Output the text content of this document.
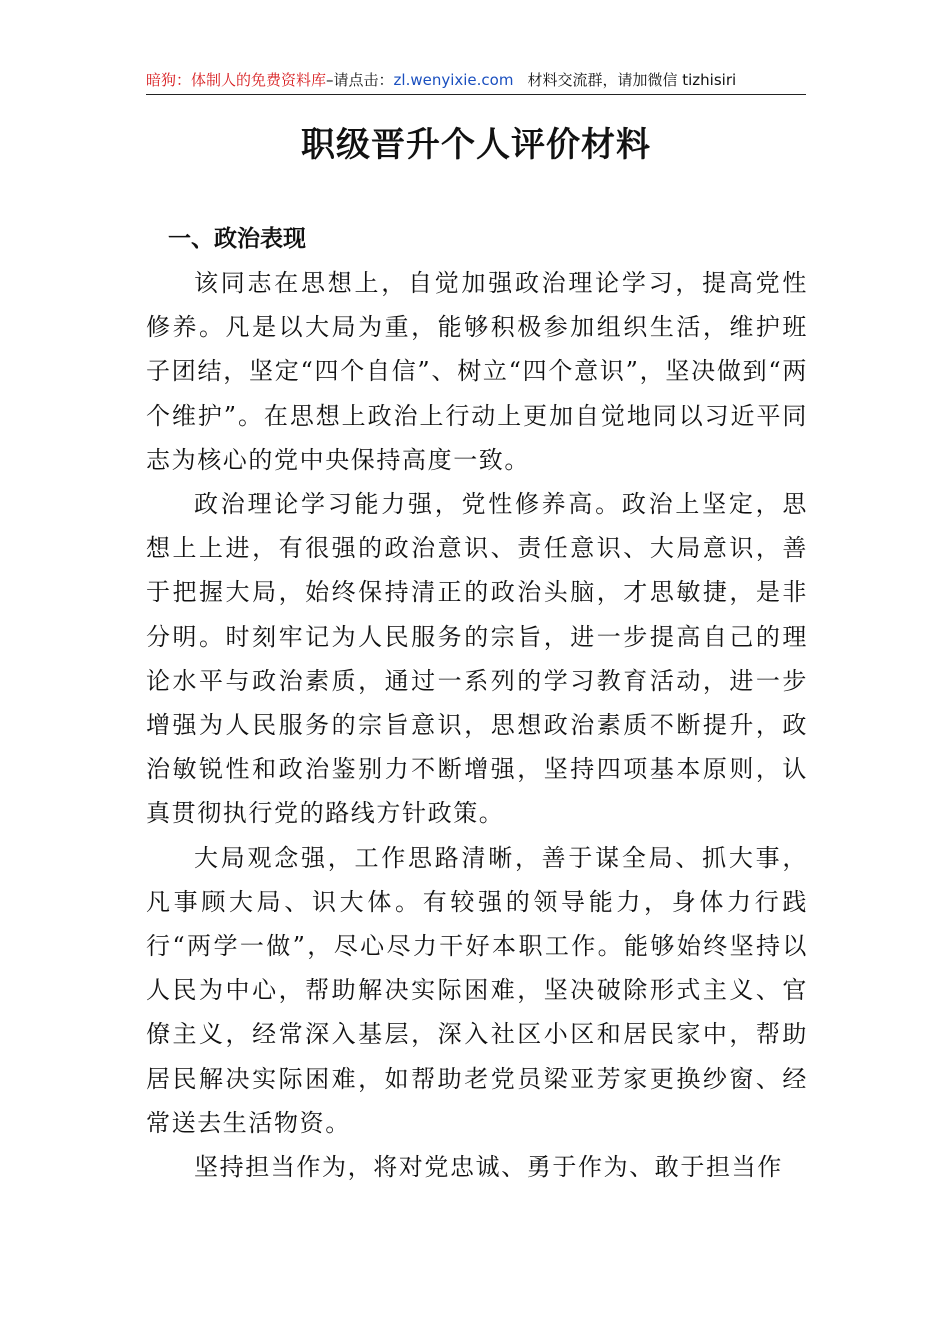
暗狗：体制人的免费资料库–请点击：zl.wenyixie.com 材料交流群，请加微信 tizhisiri
职级晋升个人评价材料
一、政治表现

该同志在思想上，自觉加强政治理论学习，提高党性修养。凡是以大局为重，能够积极参加组织生活，维护班子团结，坚定“四个自信”、树立“四个意识”，坚决做到“两个维护”。在思想上政治上行动上更加自觉地同以习近平同志为核心的党中央保持高度一致。

政治理论学习能力强，党性修养高。政治上坚定，思想上上进，有很强的政治意识、责任意识、大局意识，善于把握大局，始终保持清正的政治头脑，才思敏捷，是非分明。时刻牢记为人民服务的宗旨，进一步提高自己的理论水平与政治素质，通过一系列的学习教育活动，进一步增强为人民服务的宗旨意识，思想政治素质不断提升，政治敏锐性和政治鉴别力不断增强，坚持四项基本原则，认真贯彻执行党的路线方针政策。

大局观念强，工作思路清晰，善于谋全局、抓大事，凡事顾大局、识大体。有较强的领导能力，身体力行践行“两学一做”，尽心尽力干好本职工作。能够始终坚持以人民为中心，帮助解决实际困难，坚决破除形式主义、官僚主义，经常深入基层，深入社区小区和居民家中，帮助居民解决实际困难，如帮助老党员梁亚芳家更换纱窗、经常送去生活物资。

坚持担当作为，将对党忠诚、勇于作为、敢于担当作
